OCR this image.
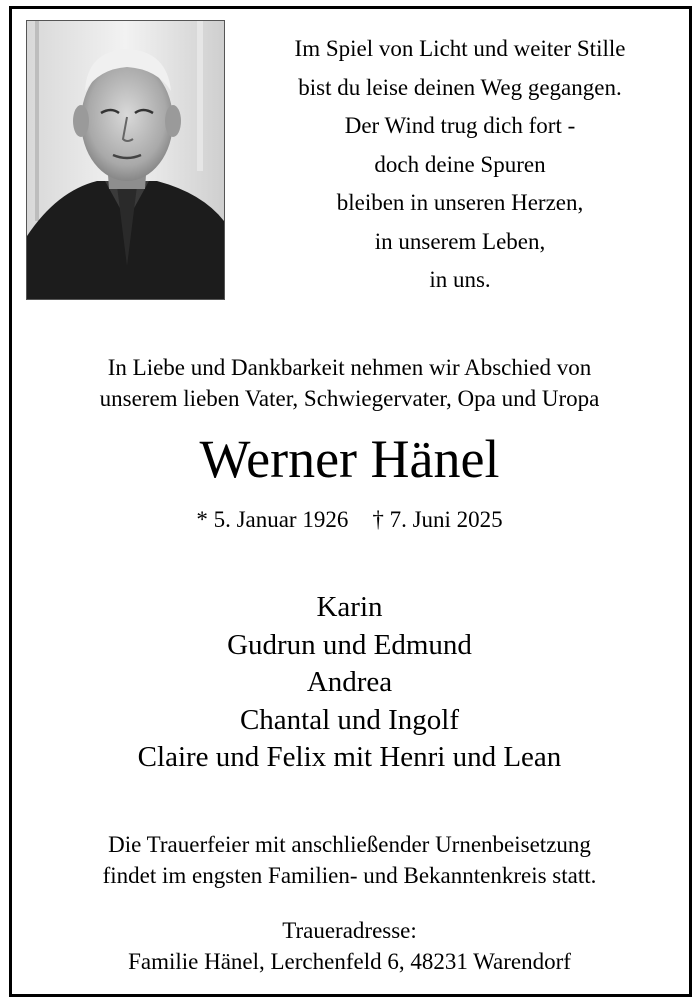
Im Spiel von Licht und weiter Stille
bist du leise deinen Weg gegangen.
Der Wind trug dich fort -
doch deine Spuren
bleiben in unseren Herzen,
in unserem Leben,
in uns.
In Liebe und Dankbarkeit nehmen wir Abschied von
unserem lieben Vater, Schwiegervater, Opa und Uropa
Werner Hänel
* 5. Januar 1926 † 7. Juni 2025
Karin
Gudrun und Edmund
Andrea
Chantal und Ingolf
Claire und Felix mit Henri und Lean
Die Trauerfeier mit anschließender Urnenbeisetzung
findet im engsten Familien- und Bekanntenkreis statt.
Traueradresse:
Familie Hänel, Lerchenfeld 6, 48231 Warendorf
